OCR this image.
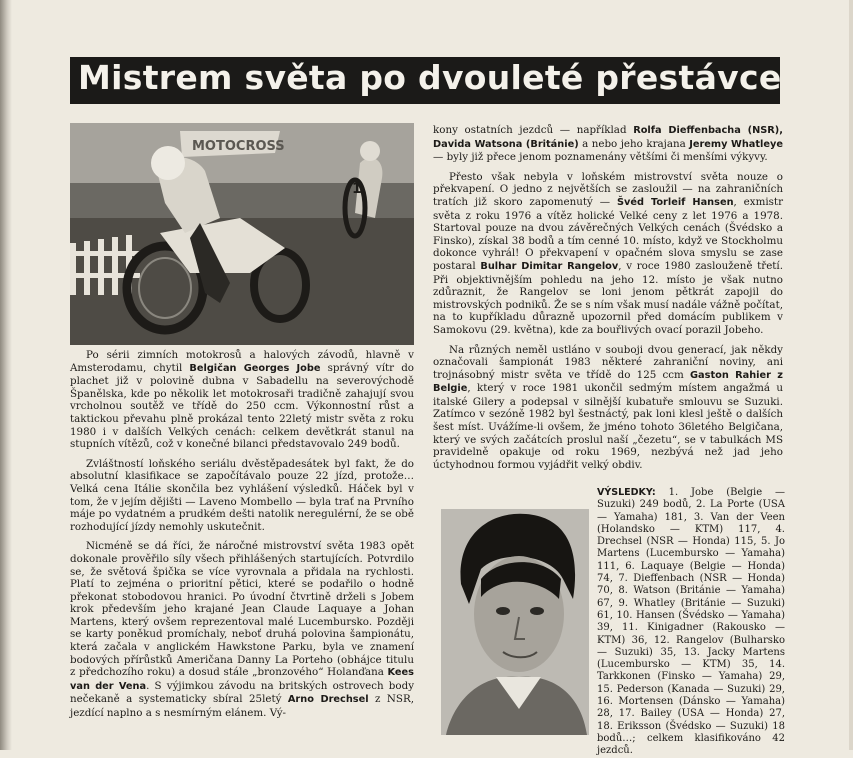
Mistrem světa po dvouleté přestávce
MOTOCROSS
1

Po sérii zimních motokrosů a halových závodů, hlavně v Amsterodamu, chytil Belgičan Georges Jobe správný vítr do plachet již v polovině dubna v Sabadellu na severovýchodě Španělska, kde po několik let motokrosaři tradičně zahajují svou vrcholnou soutěž ve třídě do 250 ccm. Výkonnostní růst a taktickou převahu plně prokázal tento 22letý mistr světa z roku 1980 i v dalších Velkých cenách: celkem devětkrát stanul na stupních vítězů, což v konečné bilanci představovalo 249 bodů.

Zvláštností loňského seriálu dvěstěpadesátek byl fakt, že do absolutní klasifikace se započítávalo pouze 22 jízd, protože… Velká cena Itálie skončila bez vyhlášení výsledků. Háček byl v tom, že v jejím dějišti — Laveno Mombello — byla trať na Prvního máje po vydatném a prudkém dešti natolik neregulérní, že se obě rozhodující jízdy nemohly uskutečnit.

Nicméně se dá říci, že náročné mistrovství světa 1983 opět dokonale prověřilo síly všech přihlášených startujících. Potvrdilo se, že světová špička se více vyrovnala a přidala na rychlosti. Platí to zejména o prioritní pětici, které se podařilo o hodně překonat stobodovou hranici. Po úvodní čtvrtině drželi s Jobem krok především jeho krajané Jean Claude Laquaye a Johan Martens, který ovšem reprezentoval malé Lucembursko. Později se karty poněkud promíchaly, neboť druhá polovina šampionátu, která začala v anglickém Hawkstone Parku, byla ve znamení bodových přírůstků Američana Danny La Porteho (obhájce titulu z předchozího roku) a dosud stále „bronzového“ Holanďana Kees van der Vena. S výjimkou závodu na britských ostrovech body nečekaně a systematicky sbíral 25letý Arno Drechsel z NSR, jezdící naplno a s nesmírným elánem. Vý-

kony ostatních jezdců — například Rolfa Dieffenbacha (NSR), Davida Watsona (Británie) a nebo jeho krajana Jeremy Whatleye — byly již přece jenom poznamenány většími či menšími výkyvy.

Přesto však nebyla v loňském mistrovství světa nouze o překvapení. O jedno z největších se zasloužil — na zahraničních tratích již skoro zapomenutý — Švéd Torleif Hansen, exmistr světa z roku 1976 a vítěz holické Velké ceny z let 1976 a 1978. Startoval pouze na dvou závěrečných Velkých cenách (Švédsko a Finsko), získal 38 bodů a tím cenné 10. místo, když ve Stockholmu dokonce vyhrál! O překvapení v opačném slova smyslu se zase postaral Bulhar Dimitar Rangelov, v roce 1980 zaslouženě třetí. Při objektivnějším pohledu na jeho 12. místo je však nutno zdůraznit, že Rangelov se loni jenom pětkrát zapojil do mistrovských podniků. Že se s ním však musí nadále vážně počítat, na to kupříkladu důrazně upozornil před domácím publikem v Samokovu (29. května), kde za bouřlivých ovací porazil Jobeho.

Na různých neměl ustláno v souboji dvou generací, jak někdy označovali šampionát 1983 některé zahraniční noviny, ani trojnásobný mistr světa ve třídě do 125 ccm Gaston Rahier z Belgie, který v roce 1981 ukončil sedmým místem angažmá u italské Gilery a podepsal v silnější kubatuře smlouvu se Suzuki. Zatímco v sezóně 1982 byl šestnáctý, pak loni klesl ještě o dalších šest míst. Uvážíme-li ovšem, že jméno tohoto 36letého Belgičana, který ve svých začátcích proslul naší „čezetu“, se v tabulkách MS pravidelně opakuje od roku 1969, nezbývá než jad jeho úctyhodnou formou vyjádřit velký obdiv.

VÝSLEDKY: 1. Jobe (Belgie — Suzuki) 249 bodů, 2. La Porte (USA — Yamaha) 181, 3. Van der Veen (Holandsko — KTM) 117, 4. Drechsel (NSR — Honda) 115, 5. Jo Martens (Lucembursko — Yamaha) 111, 6. Laquaye (Belgie — Honda) 74, 7. Dieffenbach (NSR — Honda) 70, 8. Watson (Británie — Yamaha) 67, 9. Whatley (Británie — Suzuki) 61, 10. Hansen (Švédsko — Yamaha) 39, 11. Kinigadner (Rakousko — KTM) 36, 12. Rangelov (Bulharsko — Suzuki) 35, 13. Jacky Martens (Lucembursko — KTM) 35, 14. Tarkkonen (Finsko — Yamaha) 29, 15. Pederson (Kanada — Suzuki) 29, 16. Mortensen (Dánsko — Yamaha) 28, 17. Bailey (USA — Honda) 27, 18. Eriksson (Švédsko — Suzuki) 18 bodů…; celkem klasifikováno 42 jezdců.
